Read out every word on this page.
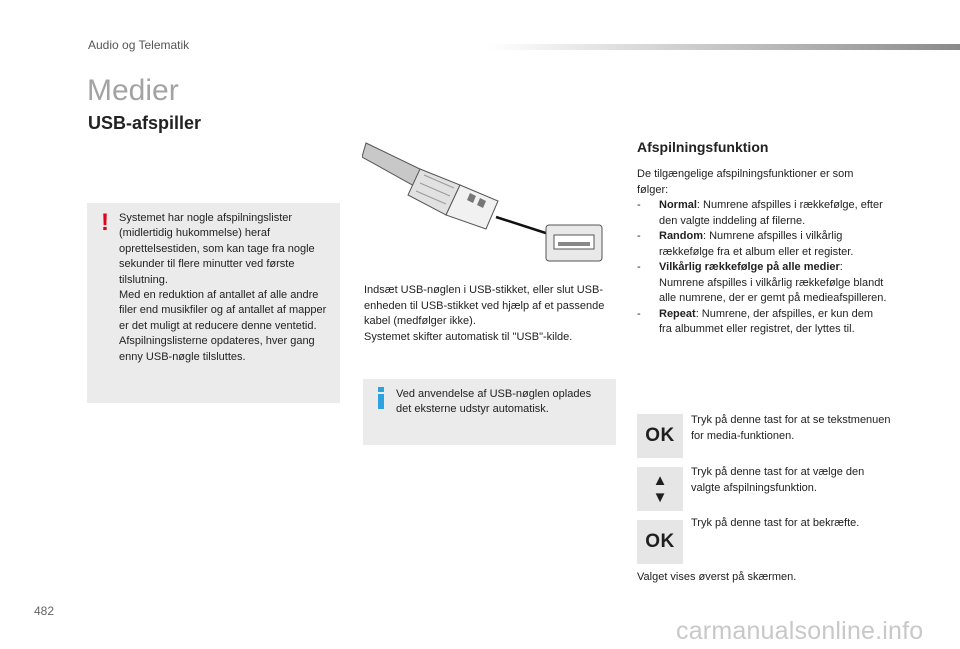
Audio og Telematik
Medier
USB-afspiller
! Systemet har nogle afspilningslister (midlertidig hukommelse) heraf oprettelsestiden, som kan tage fra nogle sekunder til flere minutter ved første tilslutning.
Med en reduktion af antallet af alle andre filer end musikfiler og af antallet af mapper er det muligt at reducere denne ventetid. Afspilningslisterne opdateres, hver gang enny USB-nøgle tilsluttes.
Indsæt USB-nøglen i USB-stikket, eller slut USB-enheden til USB-stikket ved hjælp af et passende kabel (medfølger ikke).
Systemet skifter automatisk til "USB"-kilde.
Ved anvendelse af USB-nøglen oplades det eksterne udstyr automatisk.
Afspilningsfunktion

De tilgængelige afspilningsfunktioner er som følger:

- Normal: Numrene afspilles i rækkefølge, efter den valgte inddeling af filerne.
- Random: Numrene afspilles i vilkårlig rækkefølge fra et album eller et register.
- Vilkårlig rækkefølge på alle medier: Numrene afspilles i vilkårlig rækkefølge blandt alle numrene, der er gemt på medieafspilleren.
- Repeat: Numrene, der afspilles, er kun dem fra albummet eller registret, der lyttes til.
OK
Tryk på denne tast for at se tekstmenuen for media-funktionen.
▲
▼
Tryk på denne tast for at vælge den valgte afspilningsfunktion.
OK
Tryk på denne tast for at bekræfte.
Valget vises øverst på skærmen.
482
carmanualsonline.info
